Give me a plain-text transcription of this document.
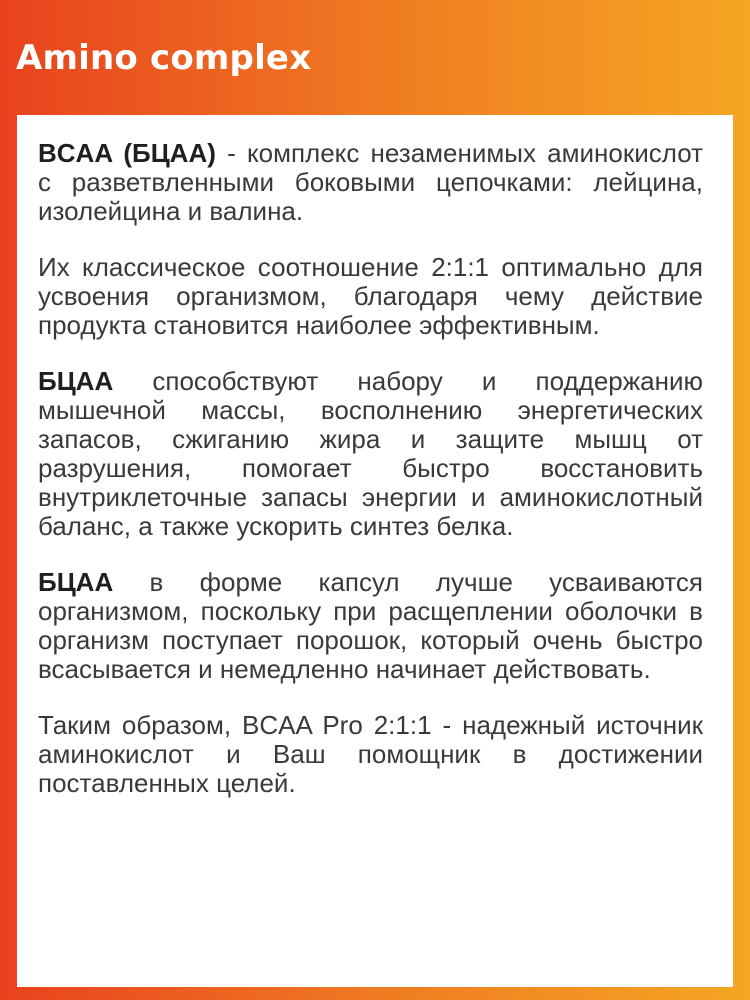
Amino complex

BCAA (БЦАА) - комплекс незаменимых аминокислот с разветвленными боковыми цепочками: лейцина, изолейцина и валина.

Их классическое соотношение 2:1:1 оптимально для усвоения организмом, благодаря чему действие продукта становится наиболее эффективным.

БЦАА способствуют набору и поддержанию мышечной массы, восполнению энергетических запасов, сжиганию жира и защите мышц от разрушения, помогает быстро восстановить внутриклеточные запасы энергии и аминокислотный баланс, а также ускорить синтез белка.

БЦАА в форме капсул лучше усваиваются организмом, поскольку при расщеплении оболочки в организм поступает порошок, который очень быстро всасывается и немедленно начинает действовать.

Таким образом, BCAA Pro 2:1:1 - надежный источник аминокислот и Ваш помощник в достижении поставленных целей.
